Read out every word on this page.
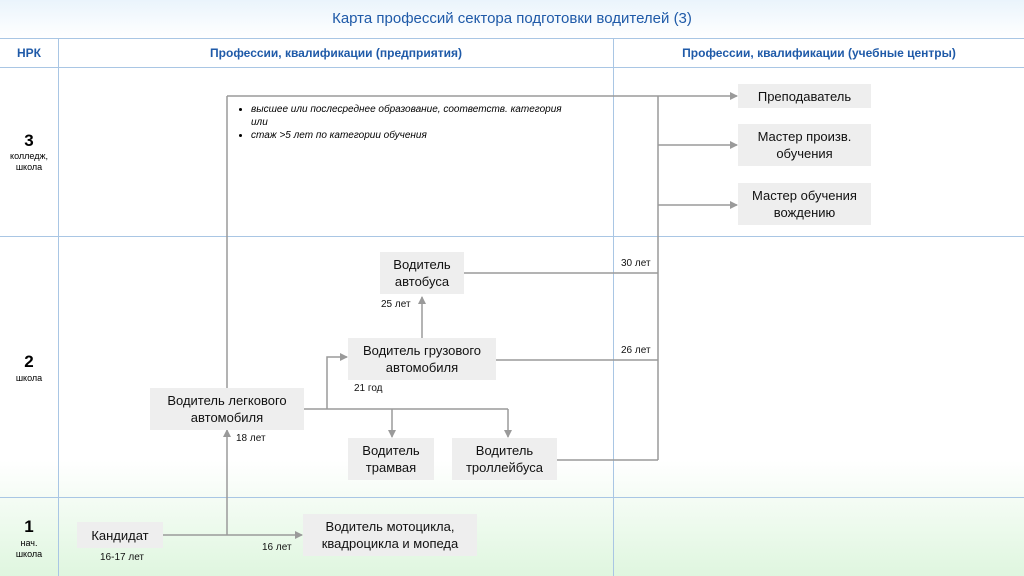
Карта профессий сектора подготовки водителей (3)
НРК	Профессии, квалификации (предприятия)	Профессии, квалификации (учебные центры)
3
колледж, школа
2
школа
1
нач. школа
• высшее или послесреднее образование, соответств. категория
или
• стаж >5 лет по категории обучения
Преподаватель
Мастер произв. обучения
Мастер обучения вождению
Водитель автобуса
Водитель грузового автомобиля
Водитель легкового автомобиля
Водитель трамвая
Водитель троллейбуса
Кандидат
Водитель мотоцикла, квадроцикла и мопеда
25 лет
30 лет
21 год
26 лет
18 лет
16-17 лет
16 лет
